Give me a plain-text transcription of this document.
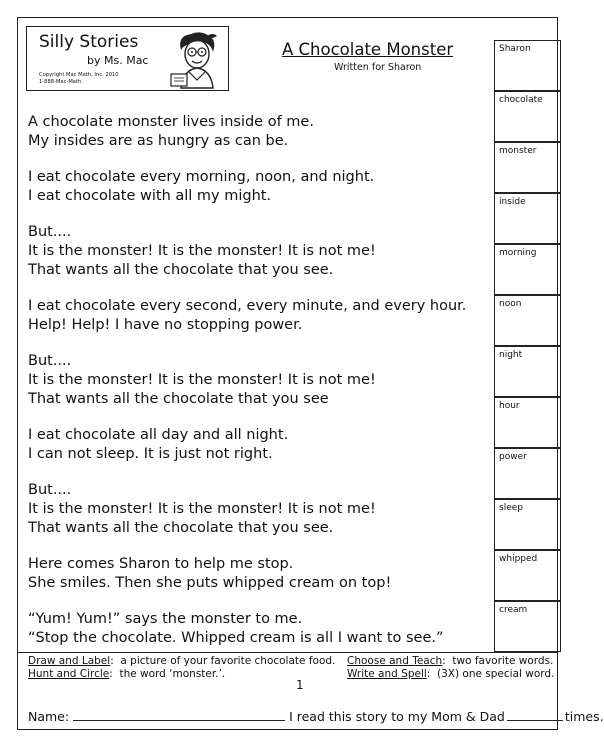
Silly Stories
by Ms. Mac
Copyright Mac Math, Inc. 2010
1-888-Mac-Math
A Chocolate Monster
Written for Sharon
Sharon
chocolate
monster
inside
morning
noon
night
hour
power
sleep
whipped
cream
A chocolate monster lives inside of me.
My insides are as hungry as can be.
I eat chocolate every morning, noon, and night.
I eat chocolate with all my might.
But....
It is the monster! It is the monster! It is not me!
That wants all the chocolate that you see.
I eat chocolate every second, every minute, and every hour.
Help! Help! I have no stopping power.
But....
It is the monster! It is the monster! It is not me!
That wants all the chocolate that you see
I eat chocolate all day and all night.
I can not sleep. It is just not right.
But....
It is the monster! It is the monster! It is not me!
That wants all the chocolate that you see.
Here comes Sharon to help me stop.
She smiles. Then she puts whipped cream on top!
“Yum! Yum!” says the monster to me.
“Stop the chocolate. Whipped cream is all I want to see.”
Draw and Label:  a picture of your favorite chocolate food. Choose and Teach:  two favorite words.
Hunt and Circle:  the word ‘monster.’.	Write and Spell:  (3X) one special word.
1
Name:	I read this story to my Mom & Dad	times.
